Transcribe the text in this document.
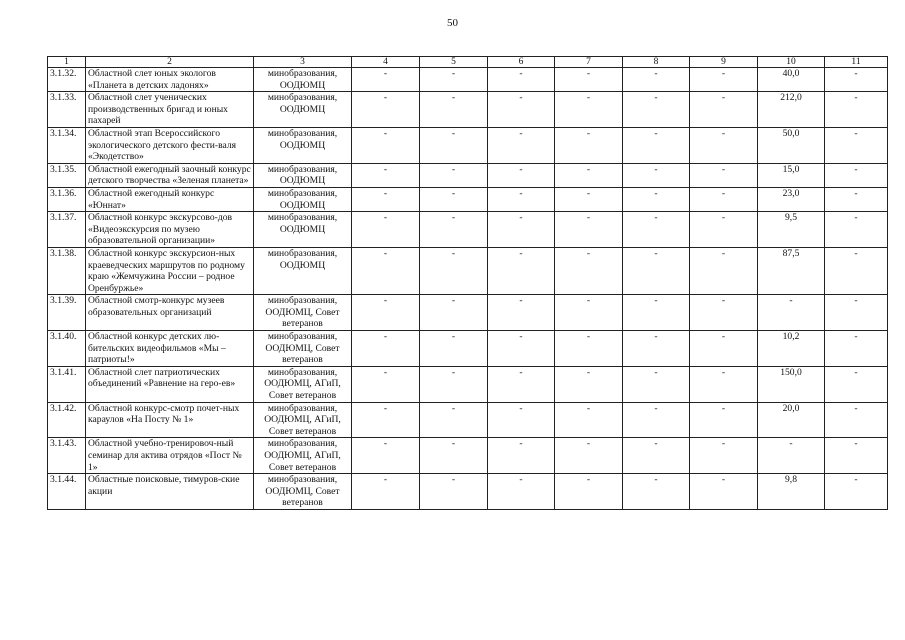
50
1	2	3	4	5	6	7	8	9	10	11
3.1.32.	Областной слет юных экологов «Планета в детских ладонях»	минобразования, ООДЮМЦ	-	-	-	-	-	-	40,0	-
3.1.33.	Областной слет ученических производственных бригад и юных пахарей	минобразования, ООДЮМЦ	-	-	-	-	-	-	212,0	-
3.1.34.	Областной этап Всероссийского экологического детского фести-валя «Экодетство»	минобразования, ООДЮМЦ	-	-	-	-	-	-	50,0	-
3.1.35.	Областной ежегодный заочный конкурс детского творчества «Зеленая планета»	минобразования, ООДЮМЦ	-	-	-	-	-	-	15,0	-
3.1.36.	Областной ежегодный конкурс «Юннат»	минобразования, ООДЮМЦ	-	-	-	-	-	-	23,0	-
3.1.37.	Областной конкурс экскурсово-дов «Видеоэкскурсия по музею образовательной организации»	минобразования, ООДЮМЦ	-	-	-	-	-	-	9,5	-
3.1.38.	Областной конкурс экскурсион-ных краеведческих маршрутов по родному краю «Жемчужина России – родное Оренбуржье»	минобразования, ООДЮМЦ	-	-	-	-	-	-	87,5	-
3.1.39.	Областной смотр-конкурс музеев образовательных организаций	минобразования, ООДЮМЦ, Совет ветеранов	-	-	-	-	-	-	-	-
3.1.40.	Областной конкурс детских лю-бительских видеофильмов «Мы – патриоты!»	минобразования, ООДЮМЦ, Совет ветеранов	-	-	-	-	-	-	10,2	-
3.1.41.	Областной слет патриотических объединений «Равнение на геро-ев»	минобразования, ООДЮМЦ, АГиП, Совет ветеранов	-	-	-	-	-	-	150,0	-
3.1.42.	Областной конкурс-смотр почет-ных караулов «На Посту № 1»	минобразования, ООДЮМЦ, АГиП, Совет ветеранов	-	-	-	-	-	-	20,0	-
3.1.43.	Областной учебно-тренировоч-ный семинар для актива отрядов «Пост № 1»	минобразования, ООДЮМЦ, АГиП, Совет ветеранов	-	-	-	-	-	-	-	-
3.1.44.	Областные поисковые, тимуров-ские акции	минобразования, ООДЮМЦ, Совет ветеранов	-	-	-	-	-	-	9,8	-
